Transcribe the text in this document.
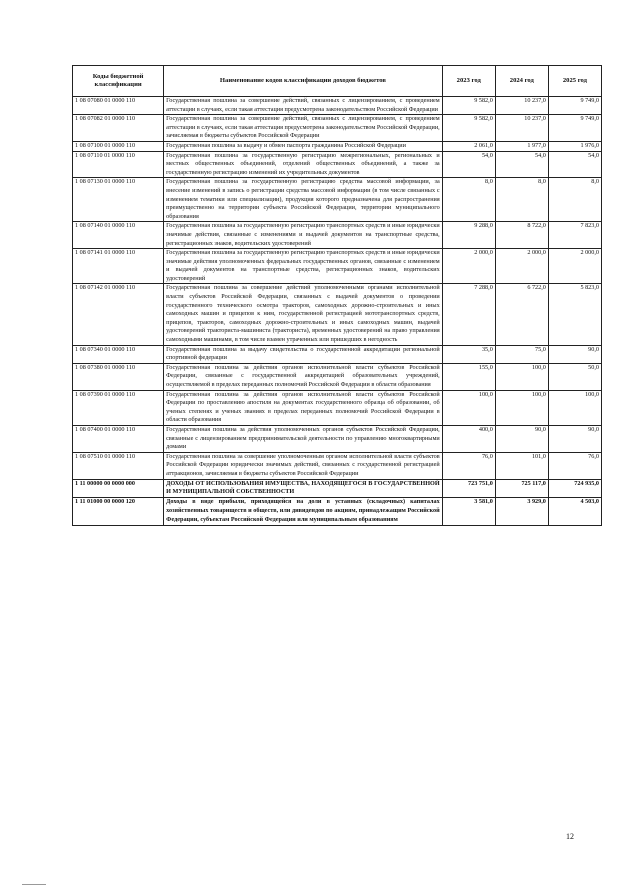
Коды бюджетной классификации	Наименование кодов классификации доходов бюджетов	2023 год	2024 год	2025 год
1 08 07080 01 0000 110	Государственная пошлина за совершение действий, связанных с лицензированием, с проведением аттестации в случаях, если такая аттестация предусмотрена законодательством Российской Федерации	9 582,0	10 237,0	9 749,0
1 08 07082 01 0000 110	Государственная пошлина за совершение действий, связанных с лицензированием, с проведением аттестации в случаях, если такая аттестация предусмотрена законодательством Российской Федерации, зачисляемая в бюджеты субъектов Российской Федерации	9 582,0	10 237,0	9 749,0
1 08 07100 01 0000 110	Государственная пошлина за выдачу и обмен паспорта гражданина Российской Федерации	2 061,0	1 977,0	1 976,0
1 08 07110 01 0000 110	Государственная пошлина за государственную регистрацию межрегиональных, региональных и местных общественных объединений, отделений общественных объединений, а также за государственную регистрацию изменений их учредительных документов	54,0	54,0	54,0
1 08 07130 01 0000 110	Государственная пошлина за государственную регистрацию средства массовой информации, за внесение изменений в запись о регистрации средства массовой информации (в том числе связанных с изменением тематики или специализации), продукция которого предназначена для распространения преимущественно на территории субъекта Российской Федерации, территории муниципального образования	8,0	8,0	8,0
1 08 07140 01 0000 110	Государственная пошлина за государственную регистрацию транспортных средств и иные юридически значимые действия, связанные с изменениями и выдачей документов на транспортные средства, регистрационных знаков, водительских удостоверений	9 288,0	8 722,0	7 823,0
1 08 07141 01 0000 110	Государственная пошлина за государственную регистрацию транспортных средств и иные юридически значимые действия уполномоченных федеральных государственных органов, связанные с изменением и выдачей документов на транспортные средства, регистрационных знаков, водительских удостоверений	2 000,0	2 000,0	2 000,0
1 08 07142 01 0000 110	Государственная пошлина за совершение действий уполномоченными органами исполнительной власти субъектов Российской Федерации, связанных с выдачей документов о проведении государственного технического осмотра тракторов, самоходных дорожно-строительных и иных самоходных машин и прицепов к ним, государственной регистрацией мототранспортных средств, прицепов, тракторов, самоходных дорожно-строительных и иных самоходных машин, выдачей удостоверений тракториста-машиниста (тракториста), временных удостоверений на право управления самоходными машинами, в том числе взамен утраченных или пришедших в негодность	7 288,0	6 722,0	5 823,0
1 08 07340 01 0000 110	Государственная пошлина за выдачу свидетельства о государственной аккредитации региональной спортивной федерации	35,0	75,0	90,0
1 08 07380 01 0000 110	Государственная пошлина за действия органов исполнительной власти субъектов Российской Федерации, связанные с государственной аккредитацией образовательных учреждений, осуществляемой в пределах переданных полномочий Российской Федерации в области образования	155,0	100,0	50,0
1 08 07390 01 0000 110	Государственная пошлина за действия органов исполнительной власти субъектов Российской Федерации по проставлению апостиля на документах государственного образца об образовании, об ученых степенях и ученых званиях в пределах переданных полномочий Российской Федерации в области образования	100,0	100,0	100,0
1 08 07400 01 0000 110	Государственная пошлина за действия уполномоченных органов субъектов Российской Федерации, связанные с лицензированием предпринимательской деятельности по управлению многоквартирными домами	400,0	90,0	90,0
1 08 07510 01 0000 110	Государственная пошлина за совершение уполномоченным органом исполнительной власти субъектов Российской Федерации юридически значимых действий, связанных с государственной регистрацией аттракционов, зачисляемая в бюджеты субъектов Российской Федерации	76,0	101,0	76,0
1 11 00000 00 0000 000	ДОХОДЫ ОТ ИСПОЛЬЗОВАНИЯ ИМУЩЕСТВА, НАХОДЯЩЕГОСЯ В ГОСУДАРСТВЕННОЙ И МУНИЦИПАЛЬНОЙ СОБСТВЕННОСТИ	723 751,0	725 117,0	724 935,0
1 11 01000 00 0000 120	Доходы в виде прибыли, приходящейся на доли в уставных (складочных) капиталах хозяйственных товариществ и обществ, или дивидендов по акциям, принадлежащим Российской Федерации, субъектам Российской Федерации или муниципальным образованиям	3 581,0	3 929,0	4 503,0
12
